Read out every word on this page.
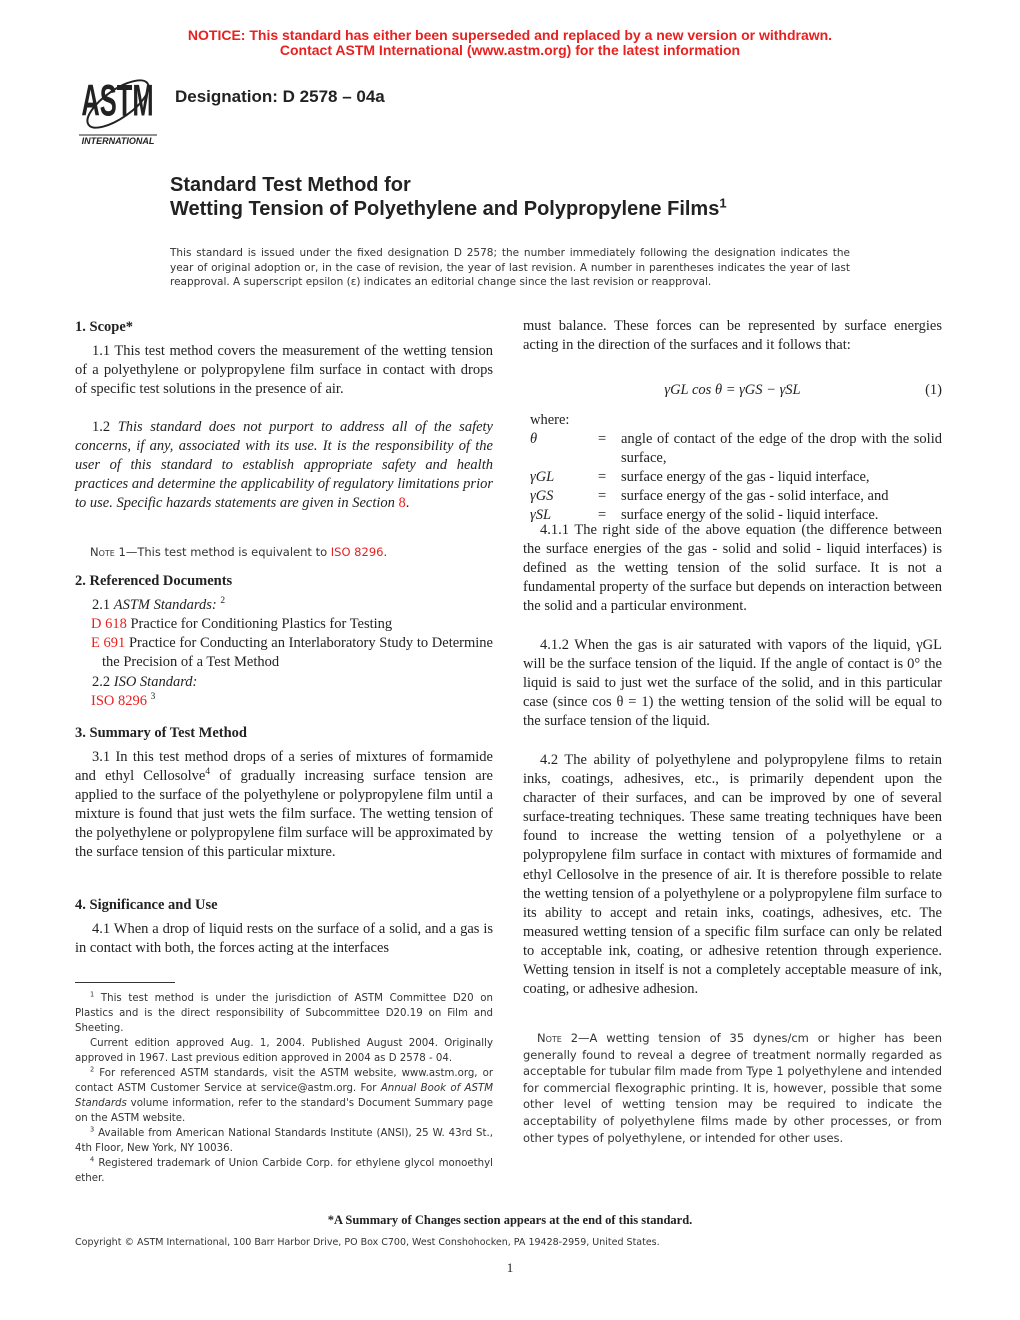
NOTICE: This standard has either been superseded and replaced by a new version or withdrawn.
Contact ASTM International (www.astm.org) for the latest information
ASTM
INTERNATIONAL
Designation: D 2578 – 04a
Standard Test Method for
Wetting Tension of Polyethylene and Polypropylene Films$^1$
This standard is issued under the fixed designation D 2578; the number immediately following the designation indicates the year of original adoption or, in the case of revision, the year of last revision. A number in parentheses indicates the year of last reapproval. A superscript epsilon (ε) indicates an editorial change since the last revision or reapproval.
1. Scope*
1.1 This test method covers the measurement of the wetting tension of a polyethylene or polypropylene film surface in contact with drops of specific test solutions in the presence of air.
1.2 This standard does not purport to address all of the safety concerns, if any, associated with its use. It is the responsibility of the user of this standard to establish appropriate safety and health practices and determine the applicability of regulatory limitations prior to use. Specific hazards statements are given in Section 8.
Note 1—This test method is equivalent to ISO 8296.
2. Referenced Documents
2.1 ASTM Standards: $^2$
D 618 Practice for Conditioning Plastics for Testing
E 691 Practice for Conducting an Interlaboratory Study to Determine the Precision of a Test Method
2.2 ISO Standard:
ISO 8296 $^3$
3. Summary of Test Method
3.1 In this test method drops of a series of mixtures of formamide and ethyl Cellosolve$^4$ of gradually increasing surface tension are applied to the surface of the polyethylene or polypropylene film until a mixture is found that just wets the film surface. The wetting tension of the polyethylene or polypropylene film surface will be approximated by the surface tension of this particular mixture.
4. Significance and Use
4.1 When a drop of liquid rests on the surface of a solid, and a gas is in contact with both, the forces acting at the interfaces
$^1$ This test method is under the jurisdiction of ASTM Committee D20 on Plastics and is the direct responsibility of Subcommittee D20.19 on Film and Sheeting.
Current edition approved Aug. 1, 2004. Published August 2004. Originally approved in 1967. Last previous edition approved in 2004 as D 2578 - 04.
$^2$ For referenced ASTM standards, visit the ASTM website, www.astm.org, or contact ASTM Customer Service at service@astm.org. For Annual Book of ASTM Standards volume information, refer to the standard's Document Summary page on the ASTM website.
$^3$ Available from American National Standards Institute (ANSI), 25 W. 43rd St., 4th Floor, New York, NY 10036.
$^4$ Registered trademark of Union Carbide Corp. for ethylene glycol monoethyl ether.
must balance. These forces can be represented by surface energies acting in the direction of the surfaces and it follows that:
γGL cos θ = γGS − γSL	(1)
where:
θ	=	angle of contact of the edge of the drop with the solid surface,
γGL	=	surface energy of the gas - liquid interface,
γGS	=	surface energy of the gas - solid interface, and
γSL	=	surface energy of the solid - liquid interface.
4.1.1 The right side of the above equation (the difference between the surface energies of the gas - solid and solid - liquid interfaces) is defined as the wetting tension of the solid surface. It is not a fundamental property of the surface but depends on interaction between the solid and a particular environment.
4.1.2 When the gas is air saturated with vapors of the liquid, γGL will be the surface tension of the liquid. If the angle of contact is 0° the liquid is said to just wet the surface of the solid, and in this particular case (since cos θ = 1) the wetting tension of the solid will be equal to the surface tension of the liquid.
4.2 The ability of polyethylene and polypropylene films to retain inks, coatings, adhesives, etc., is primarily dependent upon the character of their surfaces, and can be improved by one of several surface-treating techniques. These same treating techniques have been found to increase the wetting tension of a polyethylene or a polypropylene film surface in contact with mixtures of formamide and ethyl Cellosolve in the presence of air. It is therefore possible to relate the wetting tension of a polyethylene or a polypropylene film surface to its ability to accept and retain inks, coatings, adhesives, etc. The measured wetting tension of a specific film surface can only be related to acceptable ink, coating, or adhesive retention through experience. Wetting tension in itself is not a completely acceptable measure of ink, coating, or adhesive adhesion.
Note 2—A wetting tension of 35 dynes/cm or higher has been generally found to reveal a degree of treatment normally regarded as acceptable for tubular film made from Type 1 polyethylene and intended for commercial flexographic printing. It is, however, possible that some other level of wetting tension may be required to indicate the acceptability of polyethylene films made by other processes, or from other types of polyethylene, or intended for other uses.
*A Summary of Changes section appears at the end of this standard.
Copyright © ASTM International, 100 Barr Harbor Drive, PO Box C700, West Conshohocken, PA 19428-2959, United States.
1
